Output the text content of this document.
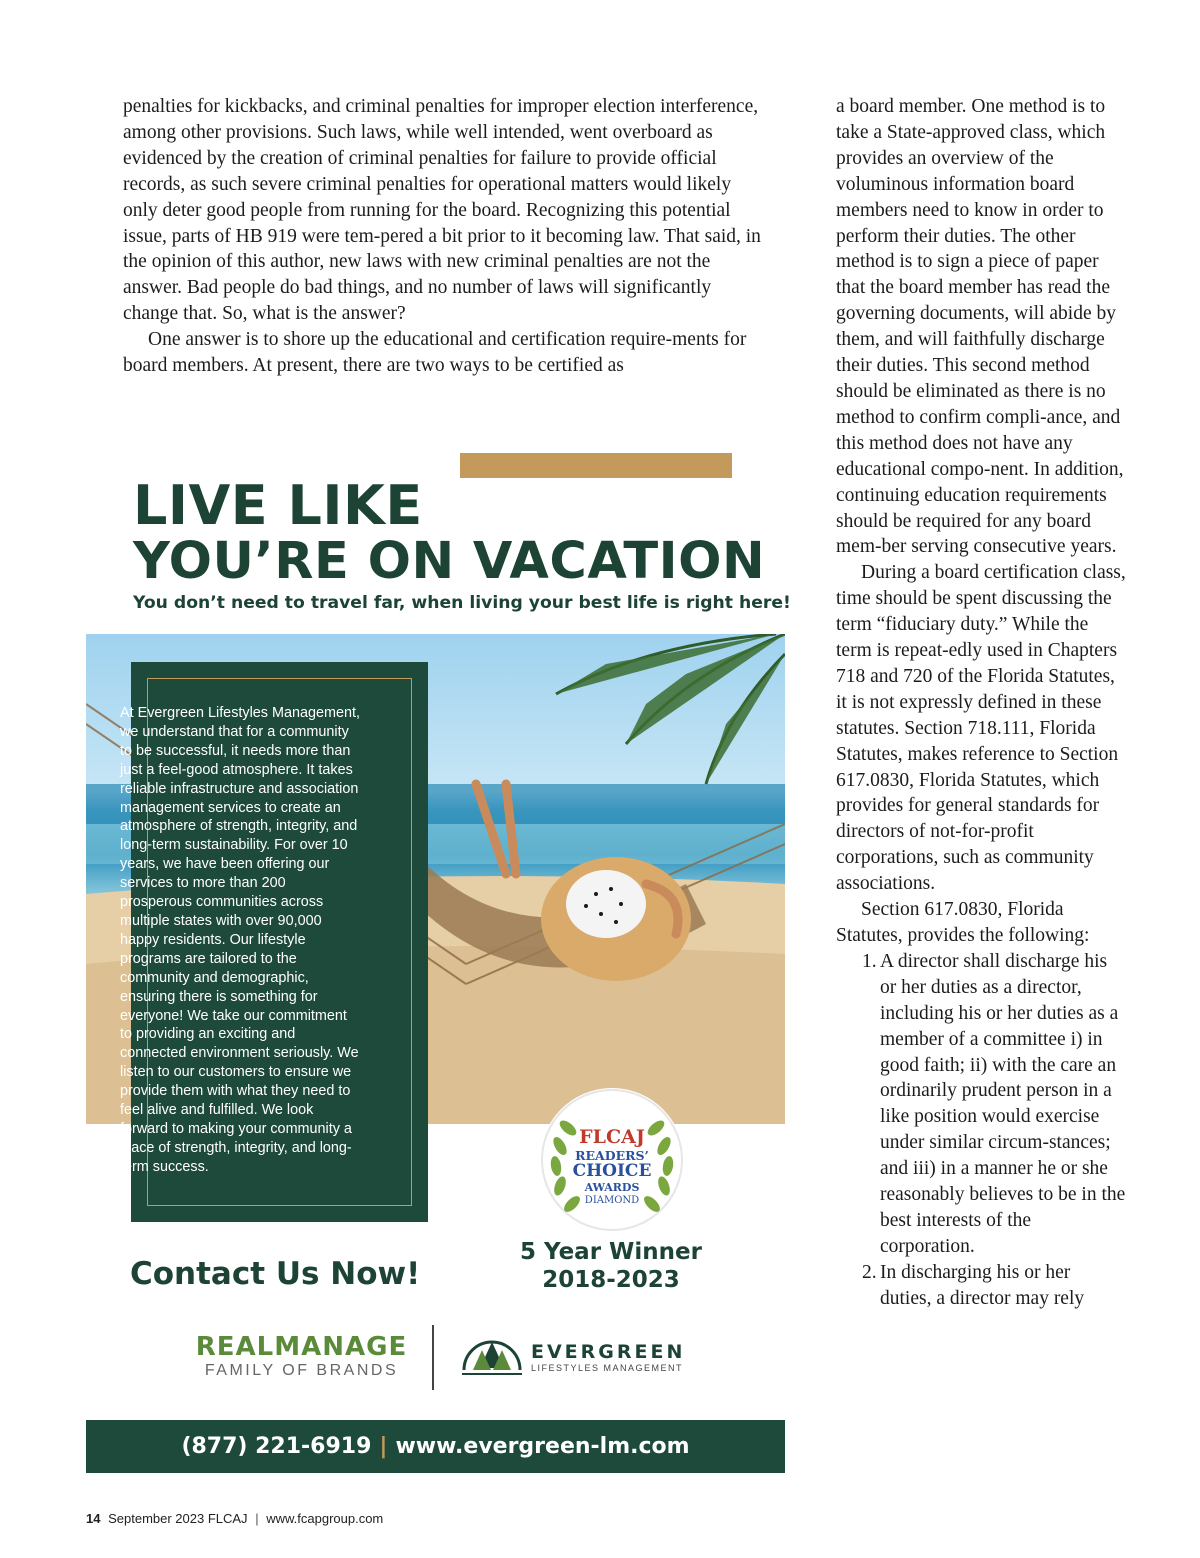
penalties for kickbacks, and criminal penalties for improper election interference, among other provisions. Such laws, while well intended, went overboard as evidenced by the creation of criminal penalties for failure to provide official records, as such severe criminal penalties for operational matters would likely only deter good people from running for the board. Recognizing this potential issue, parts of HB 919 were tem-pered a bit prior to it becoming law. That said, in the opinion of this author, new laws with new criminal penalties are not the answer. Bad people do bad things, and no number of laws will significantly change that. So, what is the answer?

One answer is to shore up the educational and certification require-ments for board members. At present, there are two ways to be certified as

a board member. One method is to take a State-approved class, which provides an overview of the voluminous information board members need to know in order to perform their duties. The other method is to sign a piece of paper that the board member has read the governing documents, will abide by them, and will faithfully discharge their duties. This second method should be eliminated as there is no method to confirm compli-ance, and this method does not have any educational compo-nent. In addition, continuing education requirements should be required for any board mem-ber serving consecutive years.

During a board certification class, time should be spent discussing the term “fiduciary duty.” While the term is repeat-edly used in Chapters 718 and 720 of the Florida Statutes, it is not expressly defined in these statutes. Section 718.111, Florida Statutes, makes reference to Section 617.0830, Florida Statutes, which provides for general standards for directors of not-for-profit corporations, such as community associations.

Section 617.0830, Florida Statutes, provides the following:

1. A director shall discharge his or her duties as a director, including his or her duties as a member of a committee i) in good faith; ii) with the care an ordinarily prudent person in a like position would exercise under similar circum-stances; and iii) in a manner he or she reasonably believes to be in the best interests of the corporation.
2. In discharging his or her duties, a director may rely
LIVE LIKE
YOU’RE ON VACATION
You don’t need to travel far, when living your best life is right here!
At Evergreen Lifestyles Management, we understand that for a community to be successful, it needs more than just a feel-good atmosphere. It takes reliable infrastructure and association management services to create an atmosphere of strength, integrity, and long-term sustainability. For over 10 years, we have been offering our services to more than 200 prosperous communities across multiple states with over 90,000 happy residents. Our lifestyle programs are tailored to the community and demographic, ensuring there is something for everyone! We take our commitment to providing an exciting and connected environment seriously. We listen to our customers to ensure we provide them with what they need to feel alive and fulfilled. We look forward to making your community a place of strength, integrity, and long-term success.
FLCAJ
READERS’
CHOICE
AWARDS
DIAMOND
5 Year Winner
2018-2023
Contact Us Now!
REALMANAGE
FAMILY OF BRANDS
EVERGREEN
LIFESTYLES MANAGEMENT
(877) 221-6919 | www.evergreen-lm.com
14 September 2023 FLCAJ | www.fcapgroup.com
